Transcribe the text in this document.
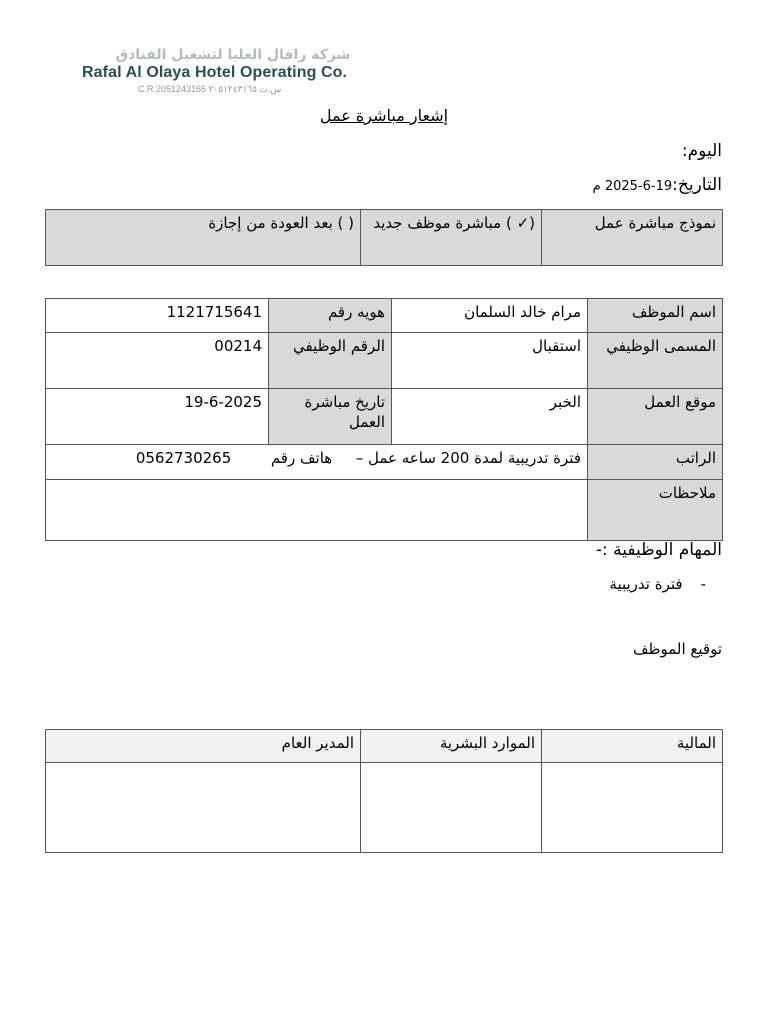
شركة رافال العليا لتشغيل الفنادق
Rafal Al Olaya Hotel Operating Co.
C.R 2051243165 س.ت ٢٠٥١٢٤٣١٦٥
إشعار مباشرة عمل
اليوم:
التاريخ:19-6-2025 م
نموذج مباشرة عمل	(✓ ) مباشرة موظف جديد	( ) بعد العودة من إجازة
اسم الموظف	مرام خالد السلمان	هويه رقم	1121715641
المسمى الوظيفي	استقبال	الرقم الوظيفي	00214
موقع العمل	الخبر	تاريخ مباشرة العمل	19-6-2025
الراتب	فترة تدريبية لمدة 200 ساعه عمل –  هاتف رقم  0562730265		
ملاحظات			
المهام الوظيفية :-
-فترة تدريبية
توقيع الموظف
المالية	الموارد البشرية	المدير العام
